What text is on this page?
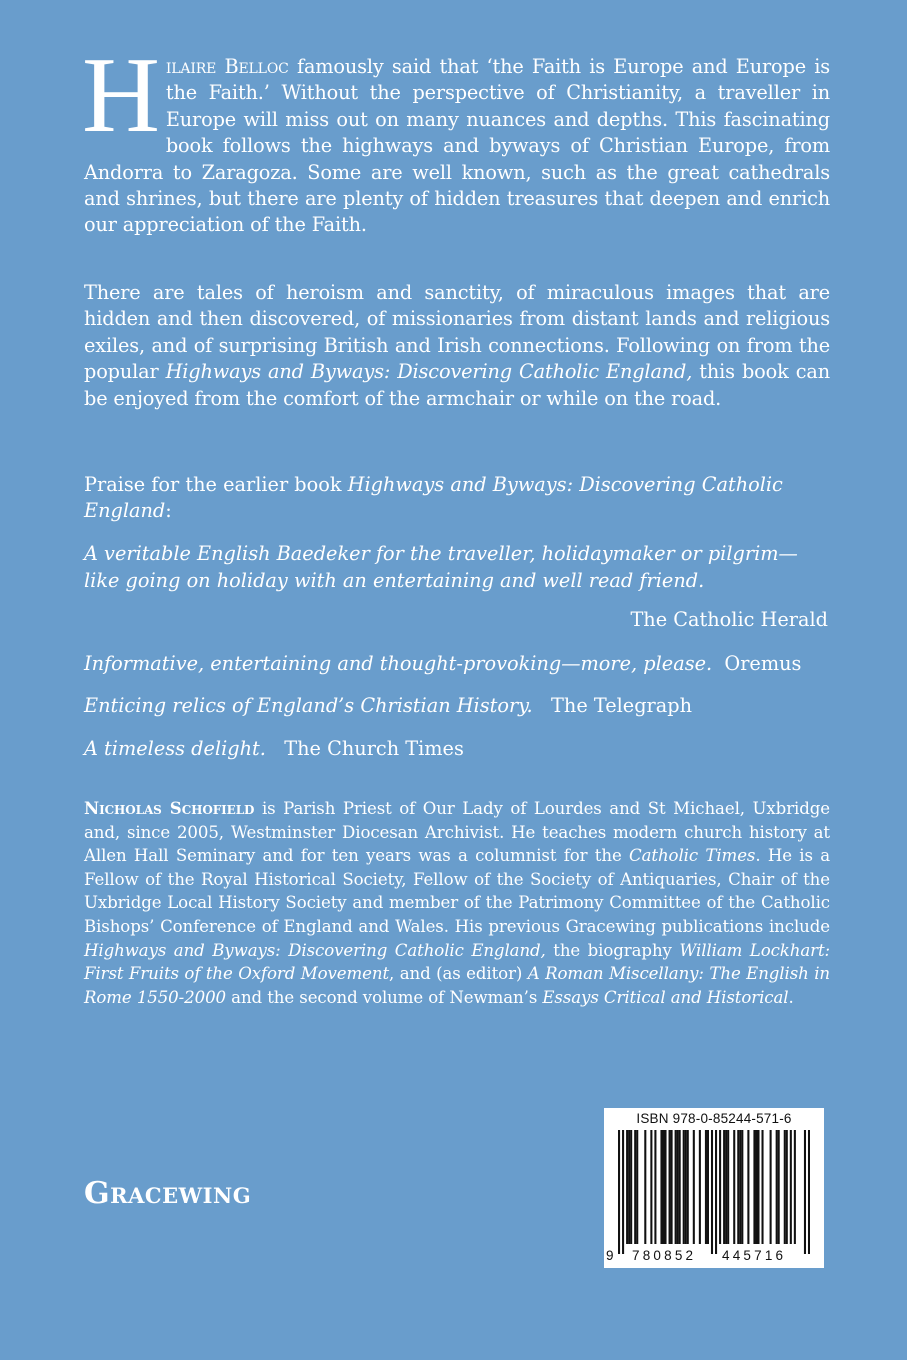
Hilaire Belloc famously said that ‘the Faith is Europe and Europe is the Faith.’ Without the perspective of Christianity, a traveller in Europe will miss out on many nuances and depths. This fascinating book follows the highways and byways of Christian Europe, from Andorra to Zaragoza. Some are well known, such as the great cathedrals and shrines, but there are plenty of hidden treasures that deepen and enrich our appreciation of the Faith.

There are tales of heroism and sanctity, of miraculous images that are hidden and then discovered, of missionaries from distant lands and religious exiles, and of surprising British and Irish connections. Following on from the popular Highways and Byways: Discovering Catholic England, this book can be enjoyed from the comfort of the armchair or while on the road.

Praise for the earlier book Highways and Byways: Discovering Catholic England:

A veritable English Baedeker for the traveller, holidaymaker or pilgrim— like going on holiday with an entertaining and well read friend.

The Catholic Herald

Informative, entertaining and thought-provoking—more, please. Oremus

Enticing relics of England’s Christian History. The Telegraph

A timeless delight. The Church Times

Nicholas Schofield is Parish Priest of Our Lady of Lourdes and St Michael, Uxbridge and, since 2005, Westminster Diocesan Archivist. He teaches modern church history at Allen Hall Seminary and for ten years was a columnist for the Catholic Times. He is a Fellow of the Royal Historical Society, Fellow of the Society of Antiquaries, Chair of the Uxbridge Local History Society and member of the Patrimony Committee of the Catholic Bishops’ Conference of England and Wales. His previous Gracewing publications include Highways and Byways: Discovering Catholic England, the biography William Lockhart: First Fruits of the Oxford Movement, and (as editor) A Roman Miscellany: The English in Rome 1550-2000 and the second volume of Newman’s Essays Critical and Historical.

Gracewing

ISBN 978-0-85244-571-6
9 780852 445716
